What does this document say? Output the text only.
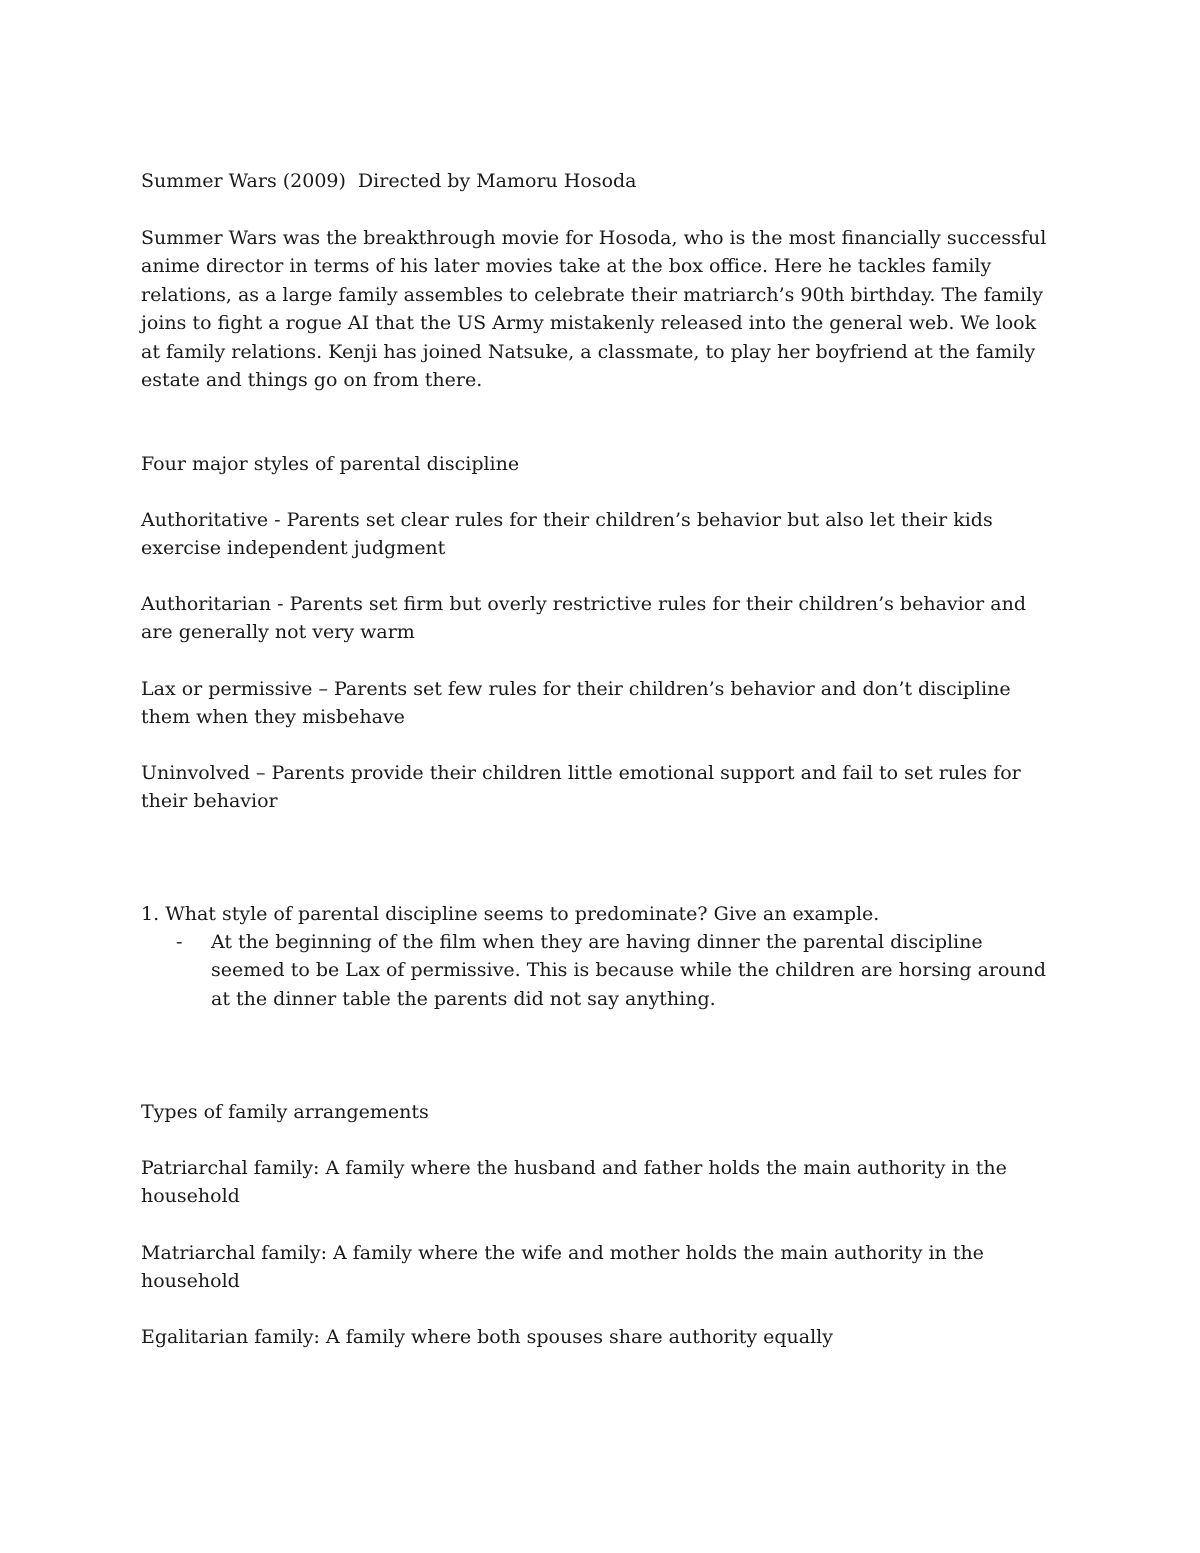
Summer Wars (2009) Directed by Mamoru Hosoda

Summer Wars was the breakthrough movie for Hosoda, who is the most financially successful anime director in terms of his later movies take at the box office. Here he tackles family relations, as a large family assembles to celebrate their matriarch’s 90th birthday. The family joins to fight a rogue AI that the US Army mistakenly released into the general web. We look at family relations. Kenji has joined Natsuke, a classmate, to play her boyfriend at the family estate and things go on from there.

Four major styles of parental discipline

Authoritative - Parents set clear rules for their children’s behavior but also let their kids exercise independent judgment

Authoritarian - Parents set firm but overly restrictive rules for their children’s behavior and are generally not very warm

Lax or permissive – Parents set few rules for their children’s behavior and don’t discipline them when they misbehave

Uninvolved – Parents provide their children little emotional support and fail to set rules for their behavior

1. What style of parental discipline seems to predominate? Give an example.
- At the beginning of the film when they are having dinner the parental discipline seemed to be Lax of permissive. This is because while the children are horsing around at the dinner table the parents did not say anything.

Types of family arrangements

Patriarchal family: A family where the husband and father holds the main authority in the household

Matriarchal family: A family where the wife and mother holds the main authority in the household

Egalitarian family: A family where both spouses share authority equally
